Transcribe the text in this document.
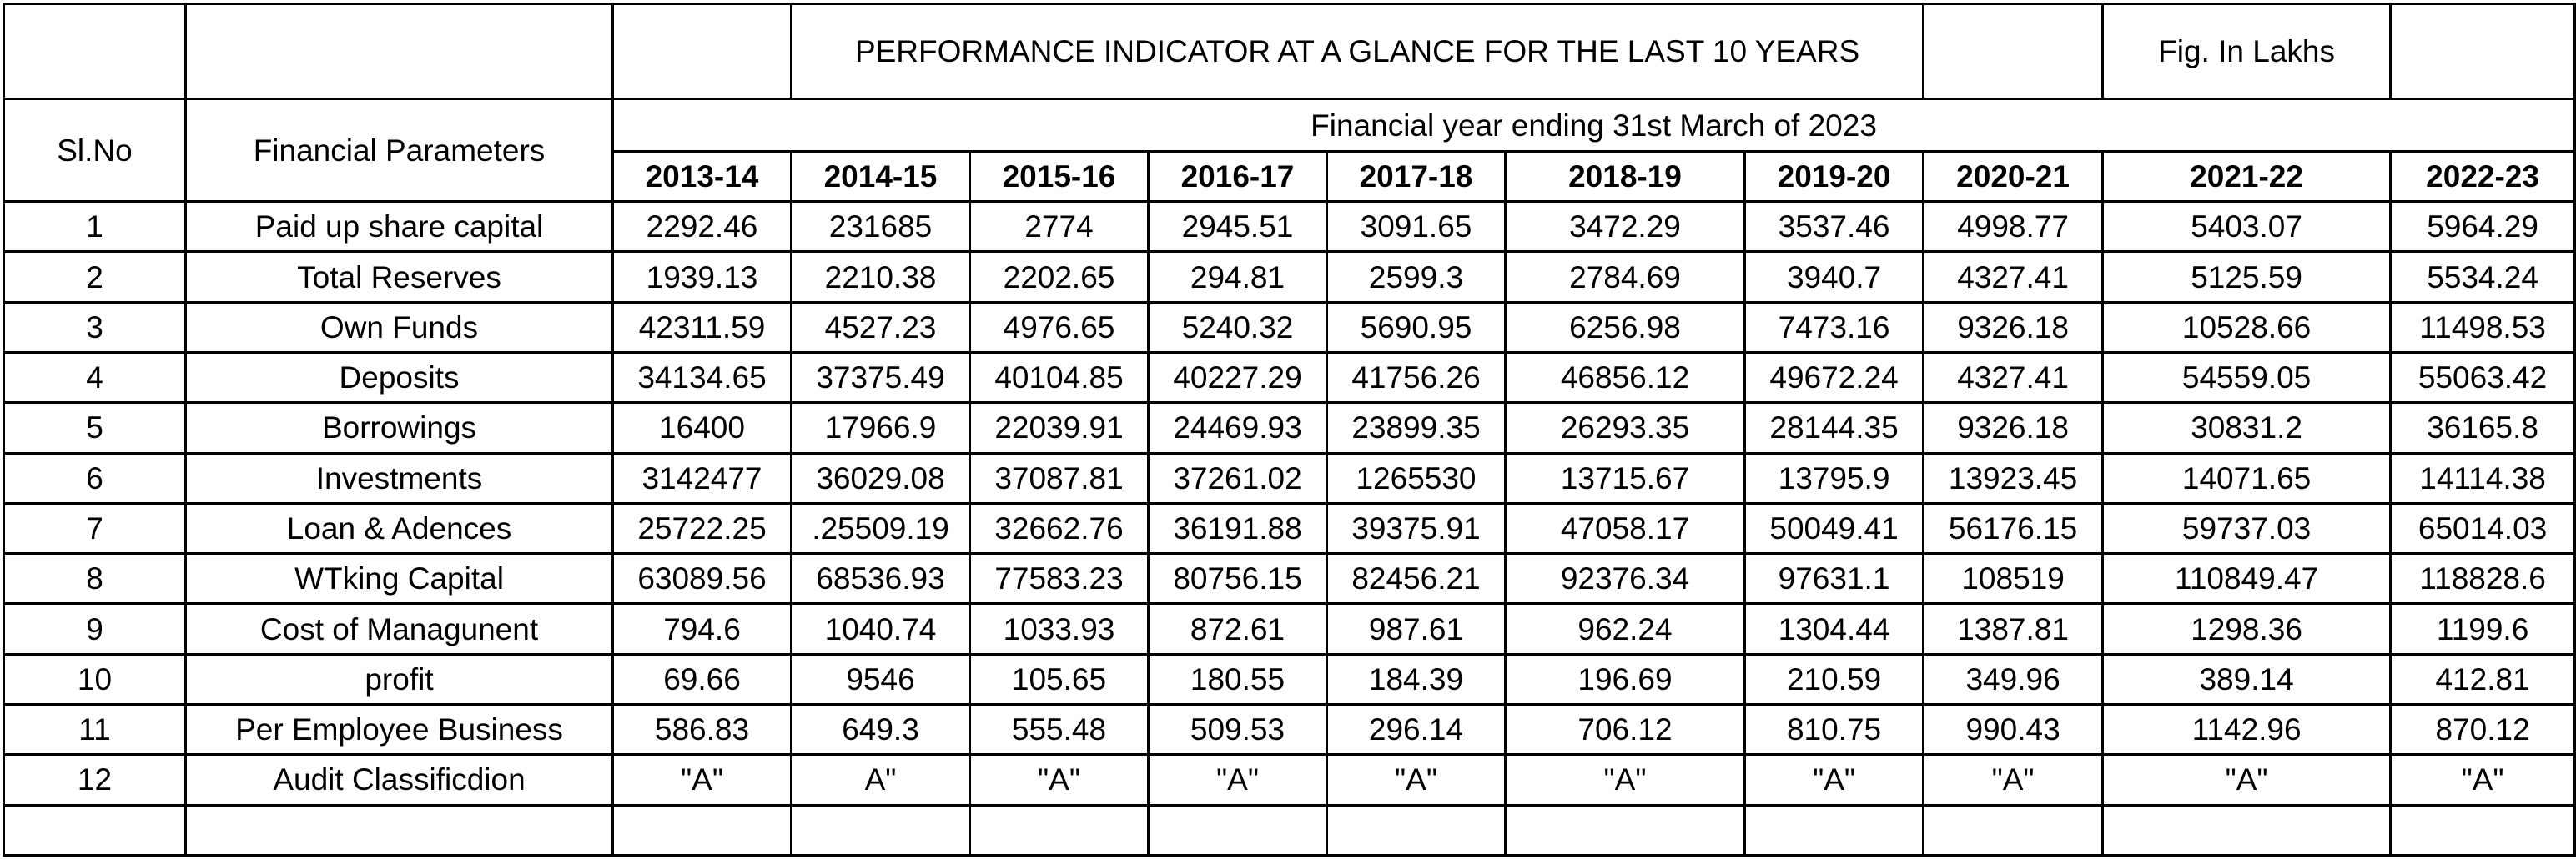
			PERFORMANCE INDICATOR AT A GLANCE FOR THE LAST 10 YEARS							Fig. In Lakhs	
Sl.No	Financial Parameters	Financial year ending 31st March of 2023									
		2013-14	2014-15	2015-16	2016-17	2017-18	2018-19	2019-20	2020-21	2021-22	2022-23
1	Paid up share capital	2292.46	231685	2774	2945.51	3091.65	3472.29	3537.46	4998.77	5403.07	5964.29
2	Total Reserves	1939.13	2210.38	2202.65	294.81	2599.3	2784.69	3940.7	4327.41	5125.59	5534.24
3	Own Funds	42311.59	4527.23	4976.65	5240.32	5690.95	6256.98	7473.16	9326.18	10528.66	11498.53
4	Deposits	34134.65	37375.49	40104.85	40227.29	41756.26	46856.12	49672.24	4327.41	54559.05	55063.42
5	Borrowings	16400	17966.9	22039.91	24469.93	23899.35	26293.35	28144.35	9326.18	30831.2	36165.8
6	Investments	3142477	36029.08	37087.81	37261.02	1265530	13715.67	13795.9	13923.45	14071.65	14114.38
7	Loan & Adences	25722.25	.25509.19	32662.76	36191.88	39375.91	47058.17	50049.41	56176.15	59737.03	65014.03
8	WTking Capital	63089.56	68536.93	77583.23	80756.15	82456.21	92376.34	97631.1	108519	110849.47	118828.6
9	Cost of Managunent	794.6	1040.74	1033.93	872.61	987.61	962.24	1304.44	1387.81	1298.36	1199.6
10	profit	69.66	9546	105.65	180.55	184.39	196.69	210.59	349.96	389.14	412.81
11	Per Employee Business	586.83	649.3	555.48	509.53	296.14	706.12	810.75	990.43	1142.96	870.12
12	Audit Classificdion	"A"	A"	"A"	"A"	"A"	"A"	"A"	"A"	"A"	"A"
